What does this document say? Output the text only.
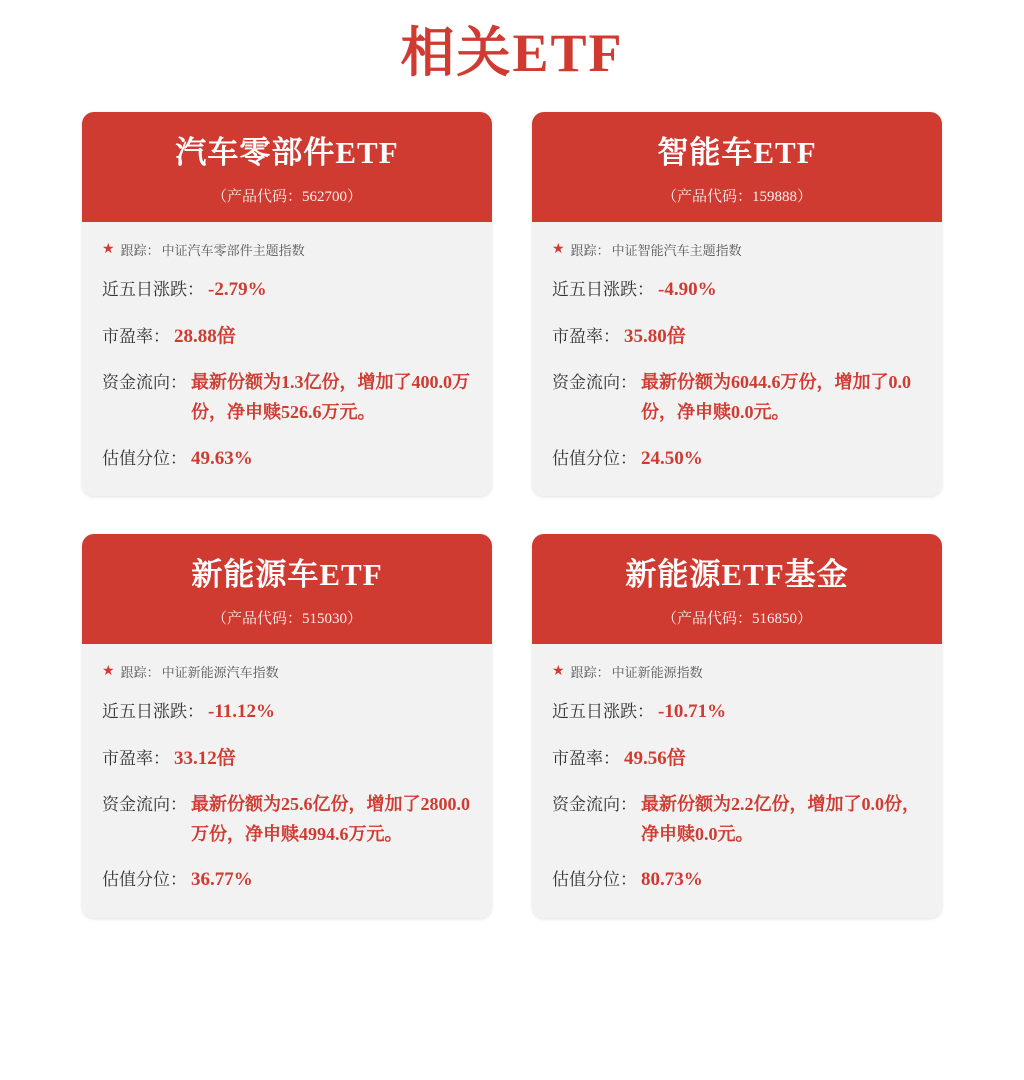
相关ETF
汽车零部件ETF
（产品代码：562700）
★ 跟踪： 中证汽车零部件主题指数
近五日涨跌： -2.79%
市盈率： 28.88倍
资金流向： 最新份额为1.3亿份，增加了400.0万份，净申赎526.6万元。
估值分位： 49.63%
智能车ETF
（产品代码：159888）
★ 跟踪： 中证智能汽车主题指数
近五日涨跌： -4.90%
市盈率： 35.80倍
资金流向： 最新份额为6044.6万份，增加了0.0份，净申赎0.0元。
估值分位： 24.50%
新能源车ETF
（产品代码：515030）
★ 跟踪： 中证新能源汽车指数
近五日涨跌： -11.12%
市盈率： 33.12倍
资金流向： 最新份额为25.6亿份，增加了2800.0万份，净申赎4994.6万元。
估值分位： 36.77%
新能源ETF基金
（产品代码：516850）
★ 跟踪： 中证新能源指数
近五日涨跌： -10.71%
市盈率： 49.56倍
资金流向： 最新份额为2.2亿份，增加了0.0份，净申赎0.0元。
估值分位： 80.73%
